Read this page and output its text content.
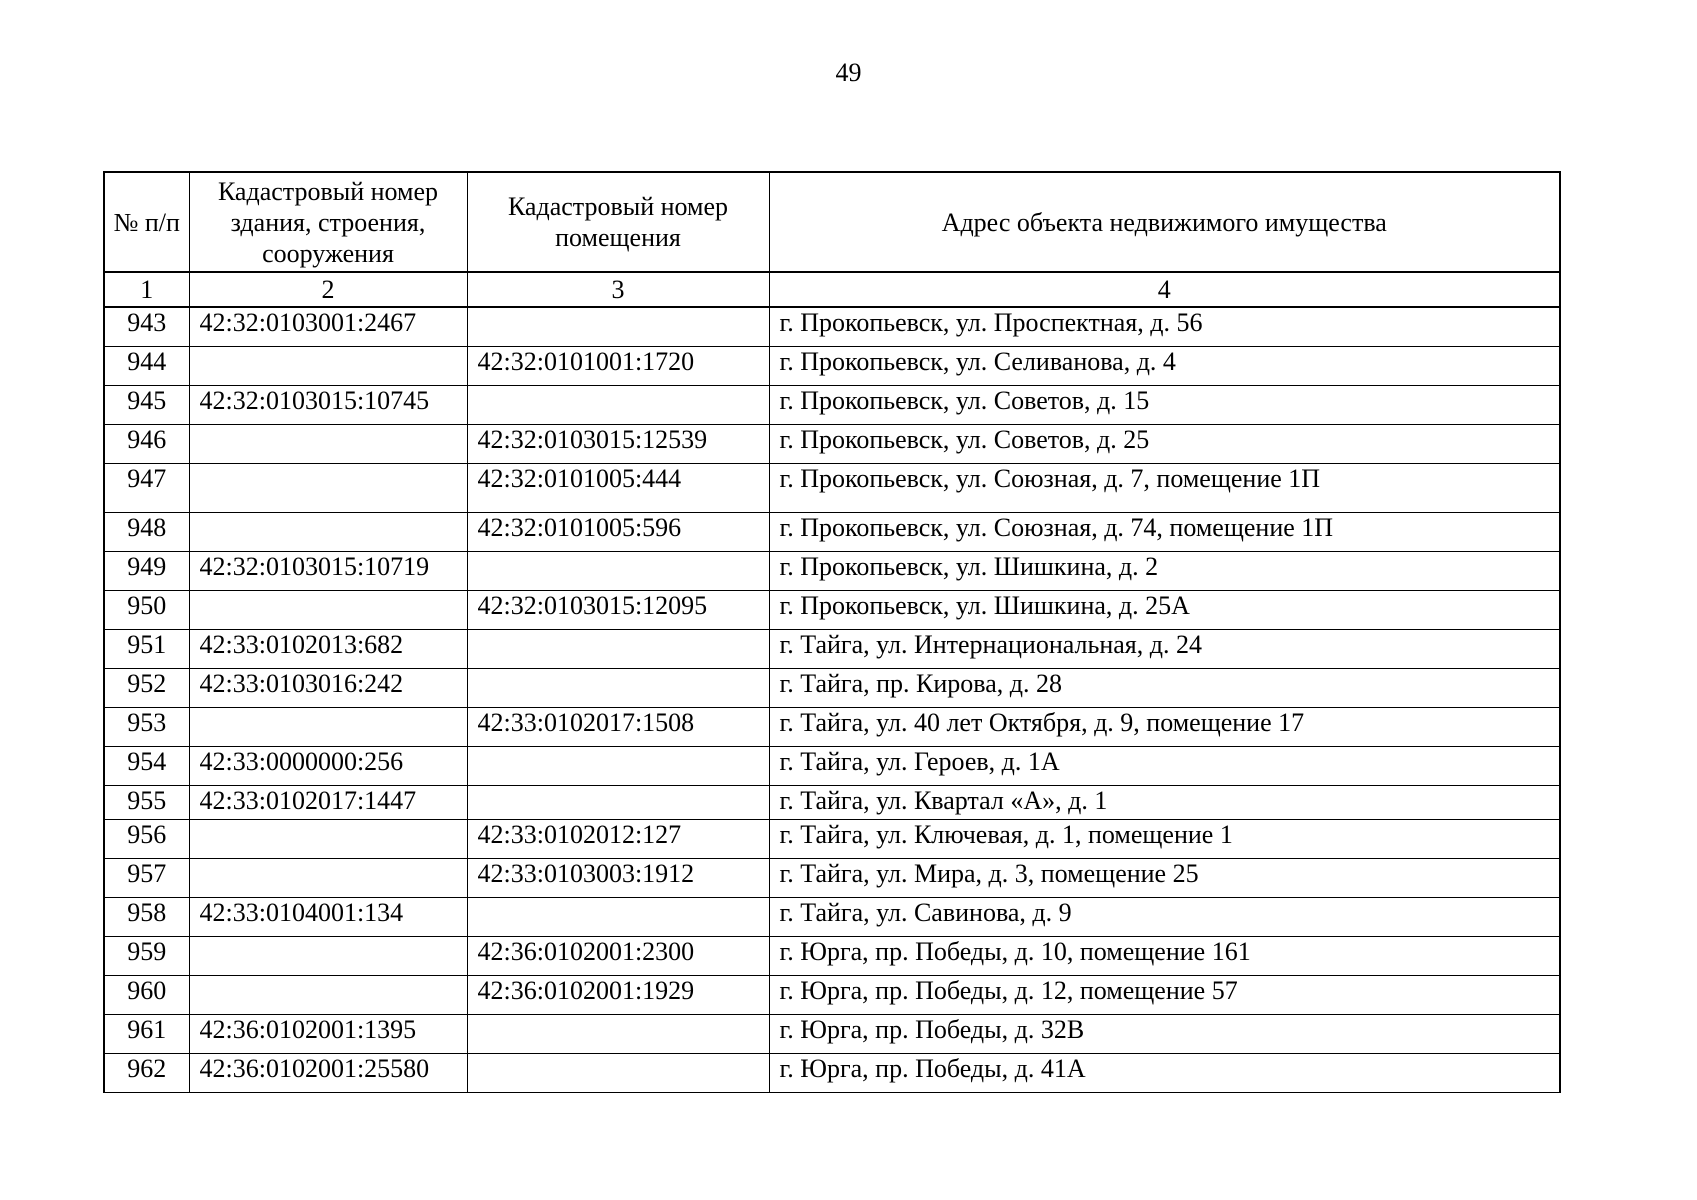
49
№ п/п	Кадастровый номер здания, строения, сооружения	Кадастровый номер помещения	Адрес объекта недвижимого имущества
1	2	3	4
943	42:32:0103001:2467		г. Прокопьевск, ул. Проспектная, д. 56
944		42:32:0101001:1720	г. Прокопьевск, ул. Селиванова, д. 4
945	42:32:0103015:10745		г. Прокопьевск, ул. Советов, д. 15
946		42:32:0103015:12539	г. Прокопьевск, ул. Советов, д. 25
947		42:32:0101005:444	г. Прокопьевск, ул. Союзная, д. 7, помещение 1П
948		42:32:0101005:596	г. Прокопьевск, ул. Союзная, д. 74, помещение 1П
949	42:32:0103015:10719		г. Прокопьевск, ул. Шишкина, д. 2
950		42:32:0103015:12095	г. Прокопьевск, ул. Шишкина, д. 25А
951	42:33:0102013:682		г. Тайга, ул. Интернациональная, д. 24
952	42:33:0103016:242		г. Тайга, пр. Кирова, д. 28
953		42:33:0102017:1508	г. Тайга, ул. 40 лет Октября, д. 9, помещение 17
954	42:33:0000000:256		г. Тайга, ул. Героев, д. 1А
955	42:33:0102017:1447		г. Тайга, ул. Квартал «А», д. 1
956		42:33:0102012:127	г. Тайга, ул. Ключевая, д. 1, помещение 1
957		42:33:0103003:1912	г. Тайга, ул. Мира, д. 3, помещение 25
958	42:33:0104001:134		г. Тайга, ул. Савинова, д. 9
959		42:36:0102001:2300	г. Юрга, пр. Победы, д. 10, помещение 161
960		42:36:0102001:1929	г. Юрга, пр. Победы, д. 12, помещение 57
961	42:36:0102001:1395		г. Юрга, пр. Победы, д. 32В
962	42:36:0102001:25580		г. Юрга, пр. Победы, д. 41А
